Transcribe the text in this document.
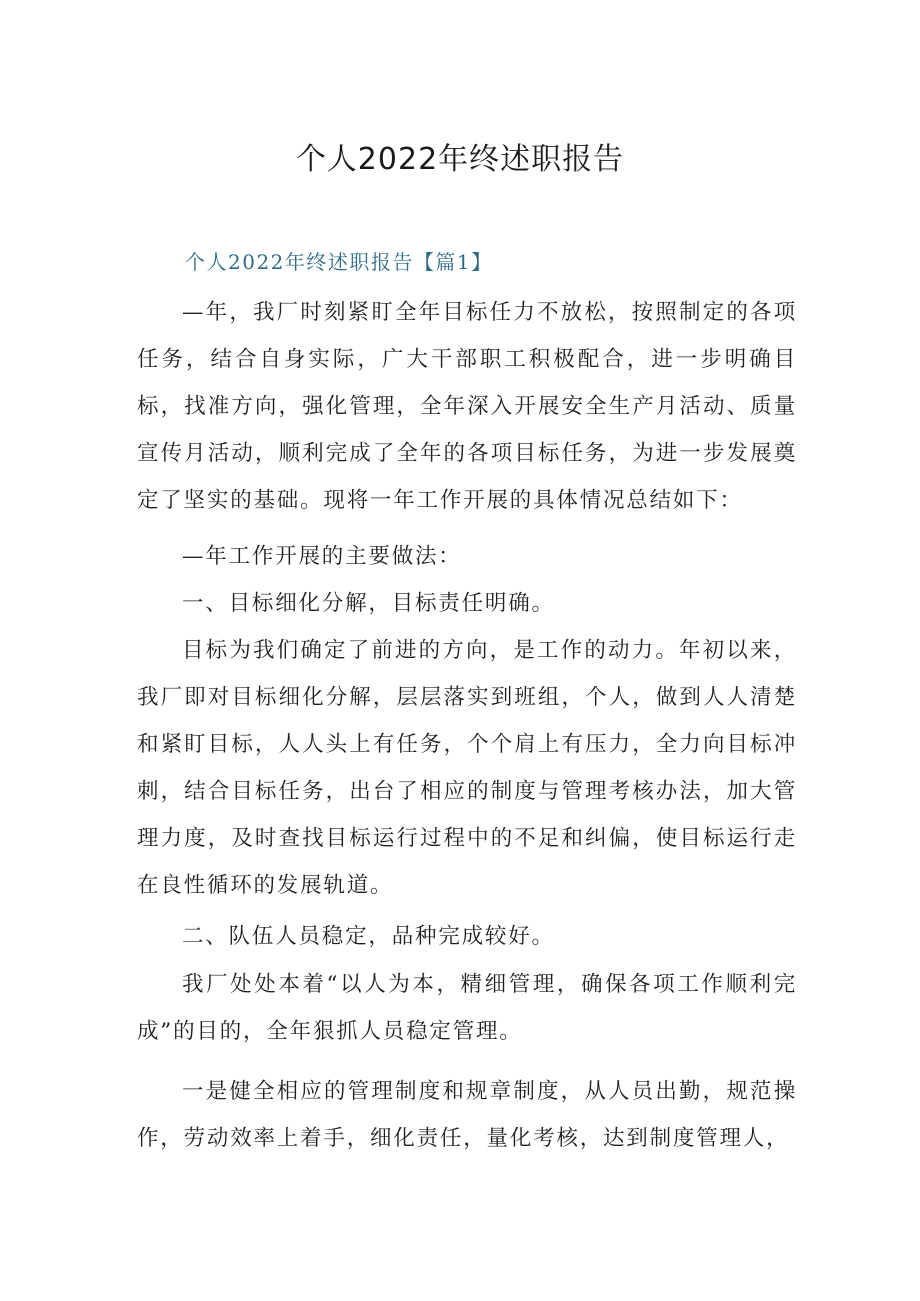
个人2022年终述职报告
个人2022年终述职报告【篇1】

—年，我厂时刻紧盯全年目标任力不放松，按照制定的各项任务，结合自身实际，广大干部职工积极配合，进一步明确目标，找准方向，强化管理，全年深入开展安全生产月活动、质量宣传月活动，顺利完成了全年的各项目标任务，为进一步发展奠定了坚实的基础。现将一年工作开展的具体情况总结如下：

—年工作开展的主要做法：

一、目标细化分解，目标责任明确。

目标为我们确定了前进的方向，是工作的动力。年初以来，我厂即对目标细化分解，层层落实到班组，个人，做到人人清楚和紧盯目标，人人头上有任务，个个肩上有压力，全力向目标冲刺，结合目标任务，出台了相应的制度与管理考核办法，加大管理力度，及时查找目标运行过程中的不足和纠偏，使目标运行走在良性循环的发展轨道。

二、队伍人员稳定，品种完成较好。

我厂处处本着“以人为本，精细管理，确保各项工作顺利完成”的目的，全年狠抓人员稳定管理。

一是健全相应的管理制度和规章制度，从人员出勤，规范操作，劳动效率上着手，细化责任，量化考核，达到制度管理人，
